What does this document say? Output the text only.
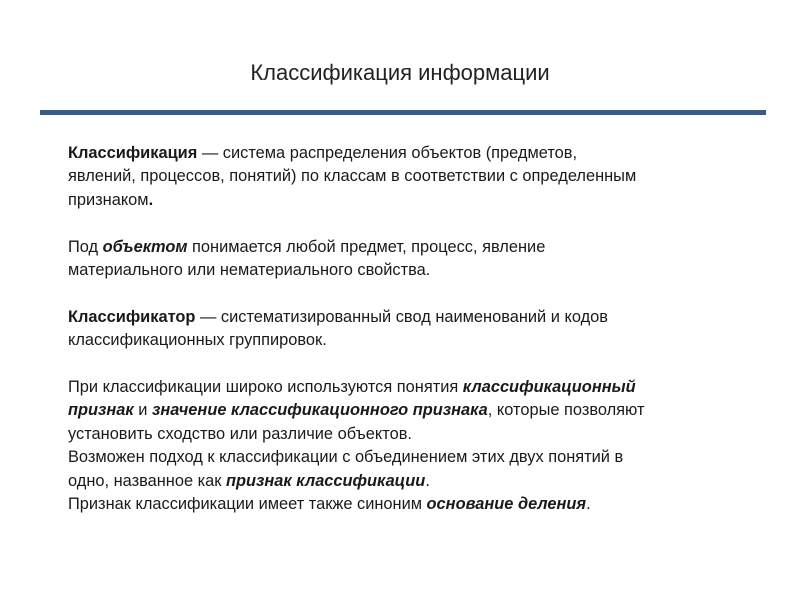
Классификация информации

Классификация — система распределения объектов (предметов,
явлений, процессов, понятий) по классам в соответствии с определенным
признаком.

Под объектом понимается любой предмет, процесс, явление
материального или нематериального свойства.

Классификатор — систематизированный свод наименований и кодов
классификационных группировок.

При классификации широко используются понятия классификационный
признак и значение классификационного признака, которые позволяют
установить сходство или различие объектов.

Возможен подход к классификации с объединением этих двух понятий в
одно, названное как признак классификации.

Признак классификации имеет также синоним основание деления.
